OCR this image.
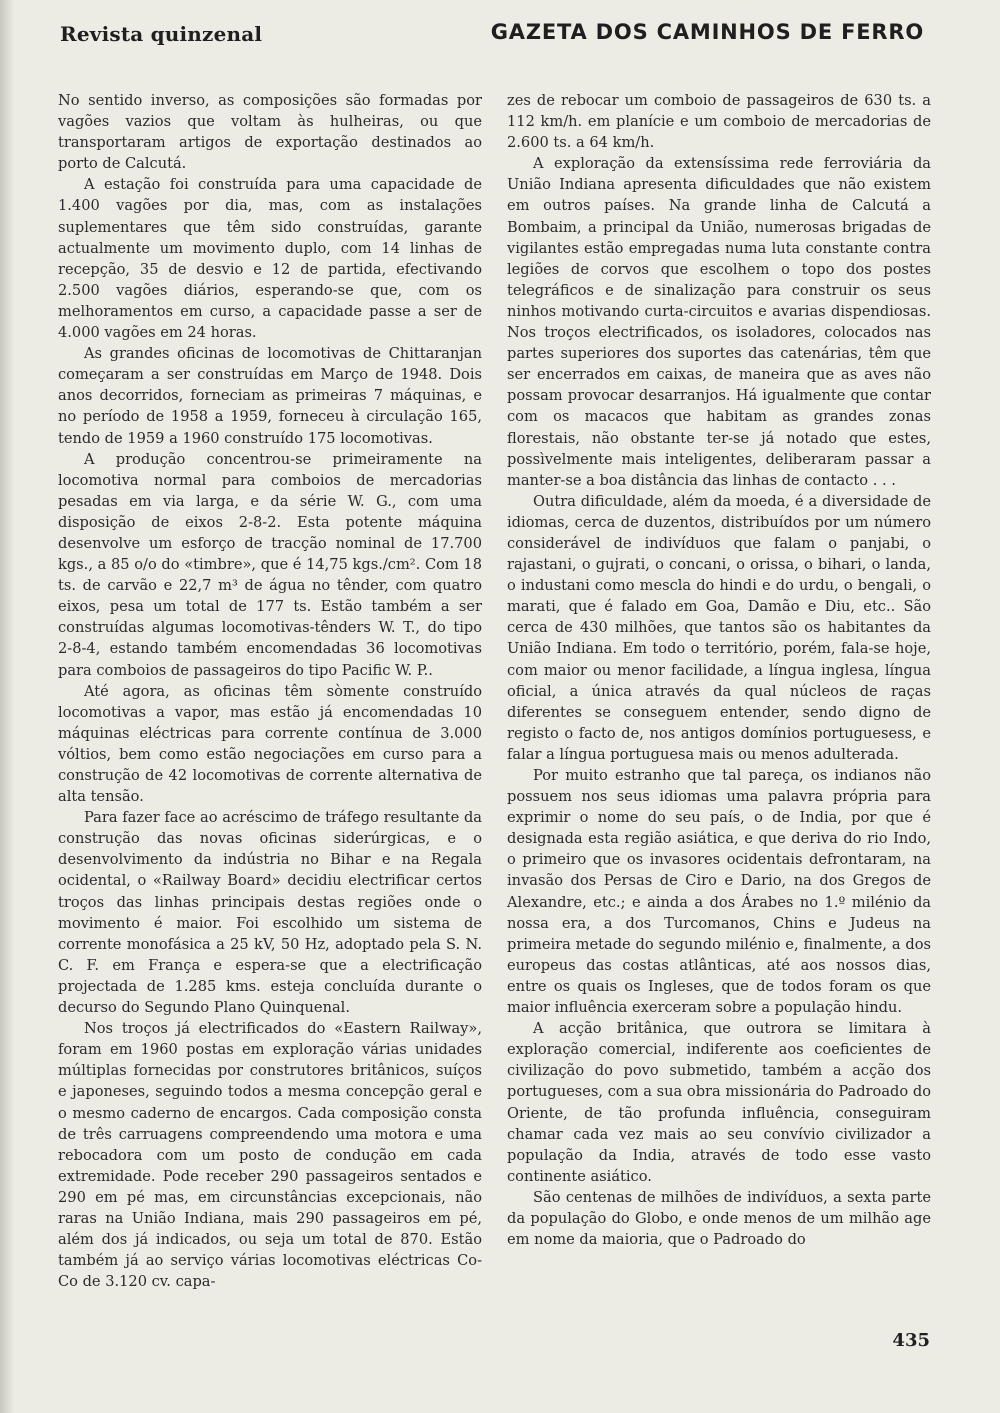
Revista quinzenal	GAZETA DOS CAMINHOS DE FERRO

No sentido inverso, as composições são formadas por vagões vazios que voltam às hulheiras, ou que transportaram artigos de exportação destinados ao porto de Calcutá.

A estação foi construída para uma capacidade de 1.400 vagões por dia, mas, com as instalações suplementares que têm sido construídas, garante actualmente um movimento duplo, com 14 linhas de recepção, 35 de desvio e 12 de partida, efectivando 2.500 vagões diários, esperando-se que, com os melhoramentos em curso, a capacidade passe a ser de 4.000 vagões em 24 horas.

As grandes oficinas de locomotivas de Chittaranjan começaram a ser construídas em Março de 1948. Dois anos decorridos, forneciam as primeiras 7 máquinas, e no período de 1958 a 1959, forneceu à circulação 165, tendo de 1959 a 1960 construído 175 locomotivas.

A produção concentrou-se primeiramente na locomotiva normal para comboios de mercadorias pesadas em via larga, e da série W. G., com uma disposição de eixos 2-8-2. Esta potente máquina desenvolve um esforço de tracção nominal de 17.700 kgs., a 85 o/o do «timbre», que é 14,75 kgs./cm². Com 18 ts. de carvão e 22,7 m³ de água no tênder, com quatro eixos, pesa um total de 177 ts. Estão também a ser construídas algumas locomotivas-tênders W. T., do tipo 2-8-4, estando também encomendadas 36 locomotivas para comboios de passageiros do tipo Pacific W. P..

Até agora, as oficinas têm sòmente construído locomotivas a vapor, mas estão já encomendadas 10 máquinas eléctricas para corrente contínua de 3.000 vóltios, bem como estão negociações em curso para a construção de 42 locomotivas de corrente alternativa de alta tensão.

Para fazer face ao acréscimo de tráfego resultante da construção das novas oficinas siderúrgicas, e o desenvolvimento da indústria no Bihar e na Regala ocidental, o «Railway Board» decidiu electrificar certos troços das linhas principais destas regiões onde o movimento é maior. Foi escolhido um sistema de corrente monofásica a 25 kV, 50 Hz, adoptado pela S. N. C. F. em França e espera-se que a electrificação projectada de 1.285 kms. esteja concluída durante o decurso do Segundo Plano Quinquenal.

Nos troços já electrificados do «Eastern Railway», foram em 1960 postas em exploração várias unidades múltiplas fornecidas por construtores britânicos, suíços e japoneses, seguindo todos a mesma concepção geral e o mesmo caderno de encargos. Cada composição consta de três carruagens compreendendo uma motora e uma rebocadora com um posto de condução em cada extremidade. Pode receber 290 passageiros sentados e 290 em pé mas, em circunstâncias excepcionais, não raras na União Indiana, mais 290 passageiros em pé, além dos já indicados, ou seja um total de 870. Estão também já ao serviço várias locomotivas eléctricas Co-Co de 3.120 cv. capa-

zes de rebocar um comboio de passageiros de 630 ts. a 112 km/h. em planície e um comboio de mercadorias de 2.600 ts. a 64 km/h.

A exploração da extensíssima rede ferroviária da União Indiana apresenta dificuldades que não existem em outros países. Na grande linha de Calcutá a Bombaim, a principal da União, numerosas brigadas de vigilantes estão empregadas numa luta constante contra legiões de corvos que escolhem o topo dos postes telegráficos e de sinalização para construir os seus ninhos motivando curta-circuitos e avarias dispendiosas. Nos troços electrificados, os isoladores, colocados nas partes superiores dos suportes das catenárias, têm que ser encerrados em caixas, de maneira que as aves não possam provocar desarranjos. Há igualmente que contar com os macacos que habitam as grandes zonas florestais, não obstante ter-se já notado que estes, possìvelmente mais inteligentes, deliberaram passar a manter-se a boa distância das linhas de contacto . . .

Outra dificuldade, além da moeda, é a diversidade de idiomas, cerca de duzentos, distribuídos por um número considerável de indivíduos que falam o panjabi, o rajastani, o gujrati, o concani, o orissa, o bihari, o landa, o industani como mescla do hindi e do urdu, o bengali, o marati, que é falado em Goa, Damão e Diu, etc.. São cerca de 430 milhões, que tantos são os habitantes da União Indiana. Em todo o território, porém, fala-se hoje, com maior ou menor facilidade, a língua inglesa, língua oficial, a única através da qual núcleos de raças diferentes se conseguem entender, sendo digno de registo o facto de, nos antigos domínios portuguesess, e falar a língua portuguesa mais ou menos adulterada.

Por muito estranho que tal pareça, os indianos não possuem nos seus idiomas uma palavra própria para exprimir o nome do seu país, o de India, por que é designada esta região asiática, e que deriva do rio Indo, o primeiro que os invasores ocidentais defrontaram, na invasão dos Persas de Ciro e Dario, na dos Gregos de Alexandre, etc.; e ainda a dos Árabes no 1.º milénio da nossa era, a dos Turcomanos, Chins e Judeus na primeira metade do segundo milénio e, finalmente, a dos europeus das costas atlânticas, até aos nossos dias, entre os quais os Ingleses, que de todos foram os que maior influência exerceram sobre a população hindu.

A acção britânica, que outrora se limitara à exploração comercial, indiferente aos coeficientes de civilização do povo submetido, também a acção dos portugueses, com a sua obra missionária do Padroado do Oriente, de tão profunda influência, conseguiram chamar cada vez mais ao seu convívio civilizador a população da India, através de todo esse vasto continente asiático.

São centenas de milhões de indivíduos, a sexta parte da população do Globo, e onde menos de um milhão age em nome da maioria, que o Padroado do

435
